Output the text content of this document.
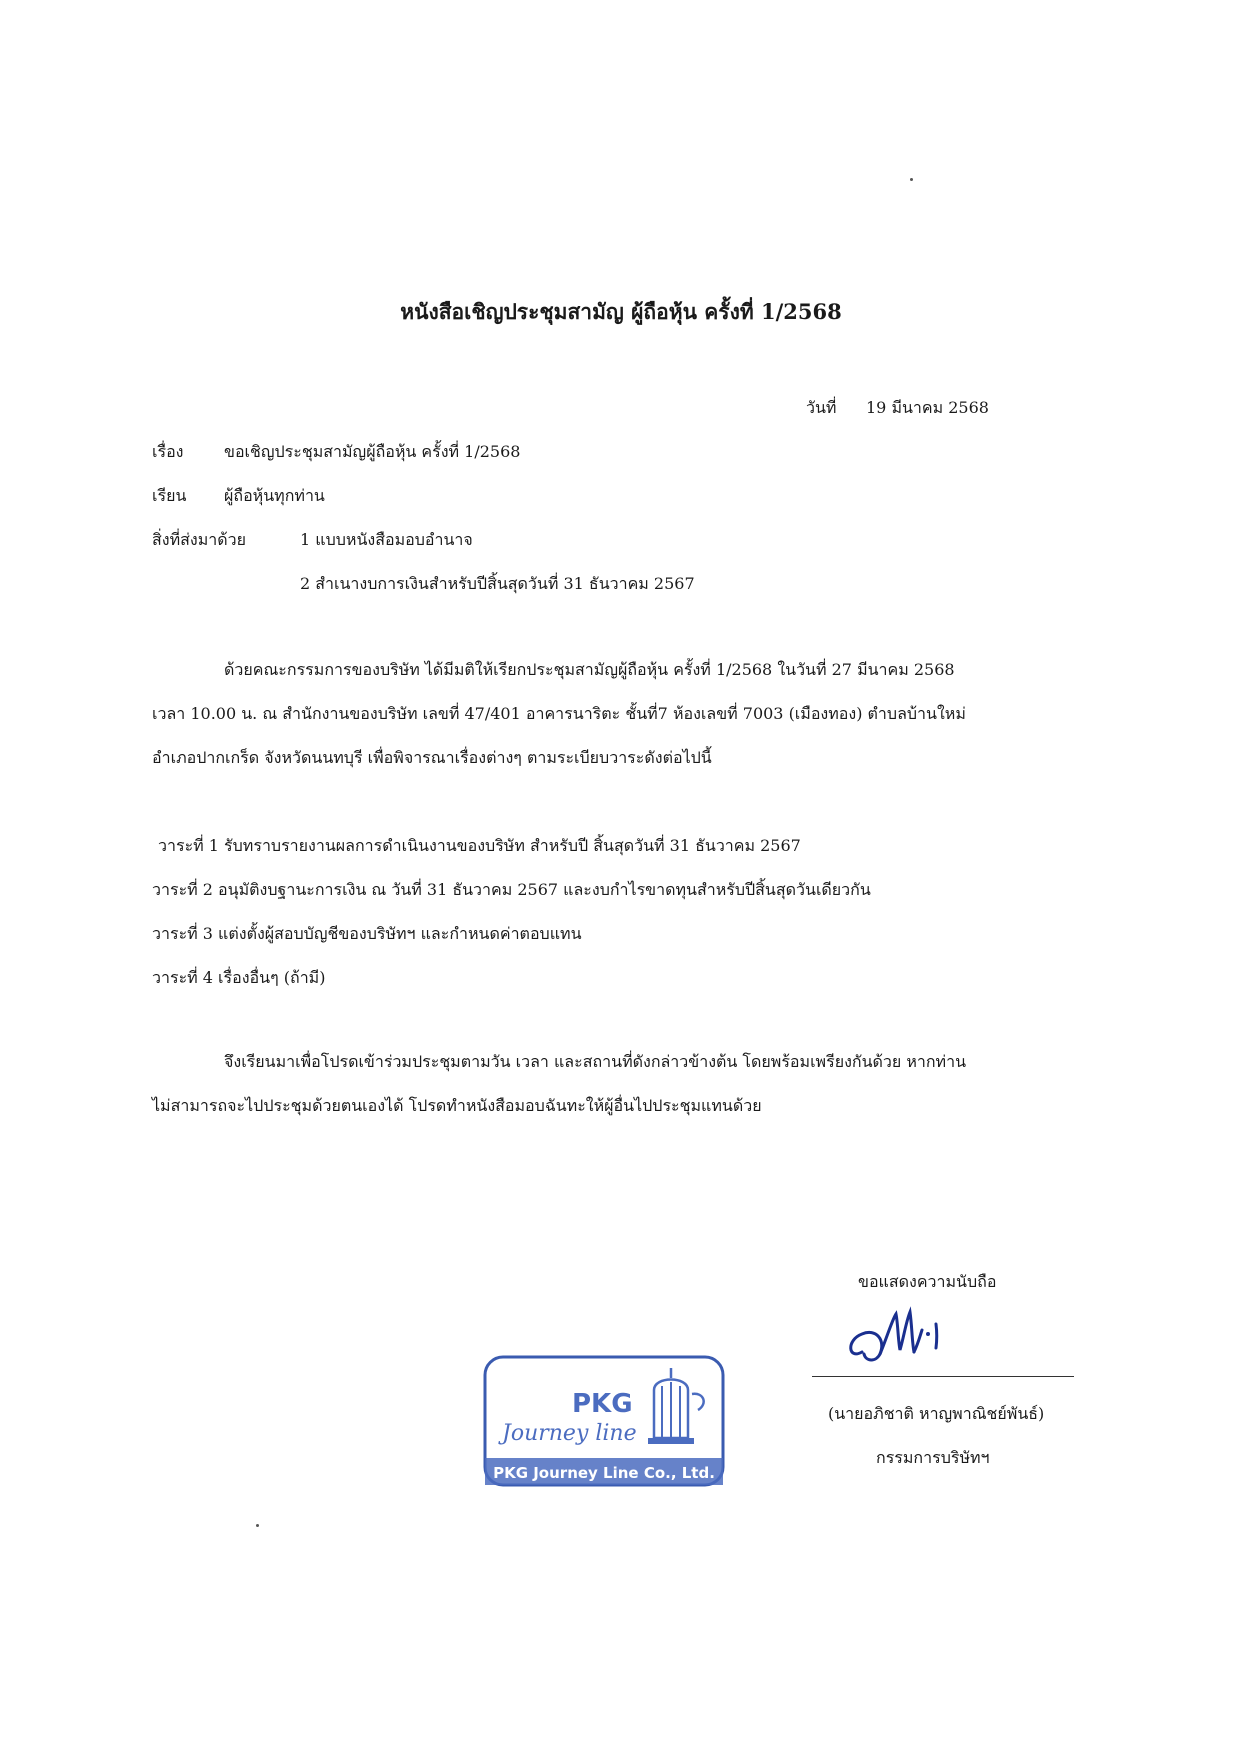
หนังสือเชิญประชุมสามัญ ผู้ถือหุ้น ครั้งที่ 1/2568
วันที่ 19 มีนาคม 2568
เรื่อง	ขอเชิญประชุมสามัญผู้ถือหุ้น ครั้งที่ 1/2568
เรียน ผู้ถือหุ้นทุกท่าน
สิ่งที่ส่งมาด้วย	1 แบบหนังสือมอบอำนาจ
2 สำเนางบการเงินสำหรับปีสิ้นสุดวันที่ 31 ธันวาคม 2567
ด้วยคณะกรรมการของบริษัท ได้มีมติให้เรียกประชุมสามัญผู้ถือหุ้น ครั้งที่ 1/2568 ในวันที่ 27 มีนาคม 2568
เวลา 10.00 น. ณ สำนักงานของบริษัท เลขที่ 47/401 อาคารนาริตะ ชั้นที่7 ห้องเลขที่ 7003 (เมืองทอง) ตำบลบ้านใหม่
อำเภอปากเกร็ด จังหวัดนนทบุรี เพื่อพิจารณาเรื่องต่างๆ ตามระเบียบวาระดังต่อไปนี้
วาระที่ 1 รับทราบรายงานผลการดำเนินงานของบริษัท สำหรับปี สิ้นสุดวันที่ 31 ธันวาคม 2567
วาระที่ 2 อนุมัติงบฐานะการเงิน ณ วันที่ 31 ธันวาคม 2567 และงบกำไรขาดทุนสำหรับปีสิ้นสุดวันเดียวกัน
วาระที่ 3 แต่งตั้งผู้สอบบัญชีของบริษัทฯ และกำหนดค่าตอบแทน
วาระที่ 4 เรื่องอื่นๆ (ถ้ามี)
จึงเรียนมาเพื่อโปรดเข้าร่วมประชุมตามวัน เวลา และสถานที่ดังกล่าวข้างต้น โดยพร้อมเพรียงกันด้วย หากท่าน
ไม่สามารถจะไปประชุมด้วยตนเองได้ โปรดทำหนังสือมอบฉันทะให้ผู้อื่นไปประชุมแทนด้วย
ขอแสดงความนับถือ
(นายอภิชาติ หาญพาณิชย์พันธ์)
กรรมการบริษัทฯ
PKG
Journey line
PKG Journey Line Co., Ltd.
